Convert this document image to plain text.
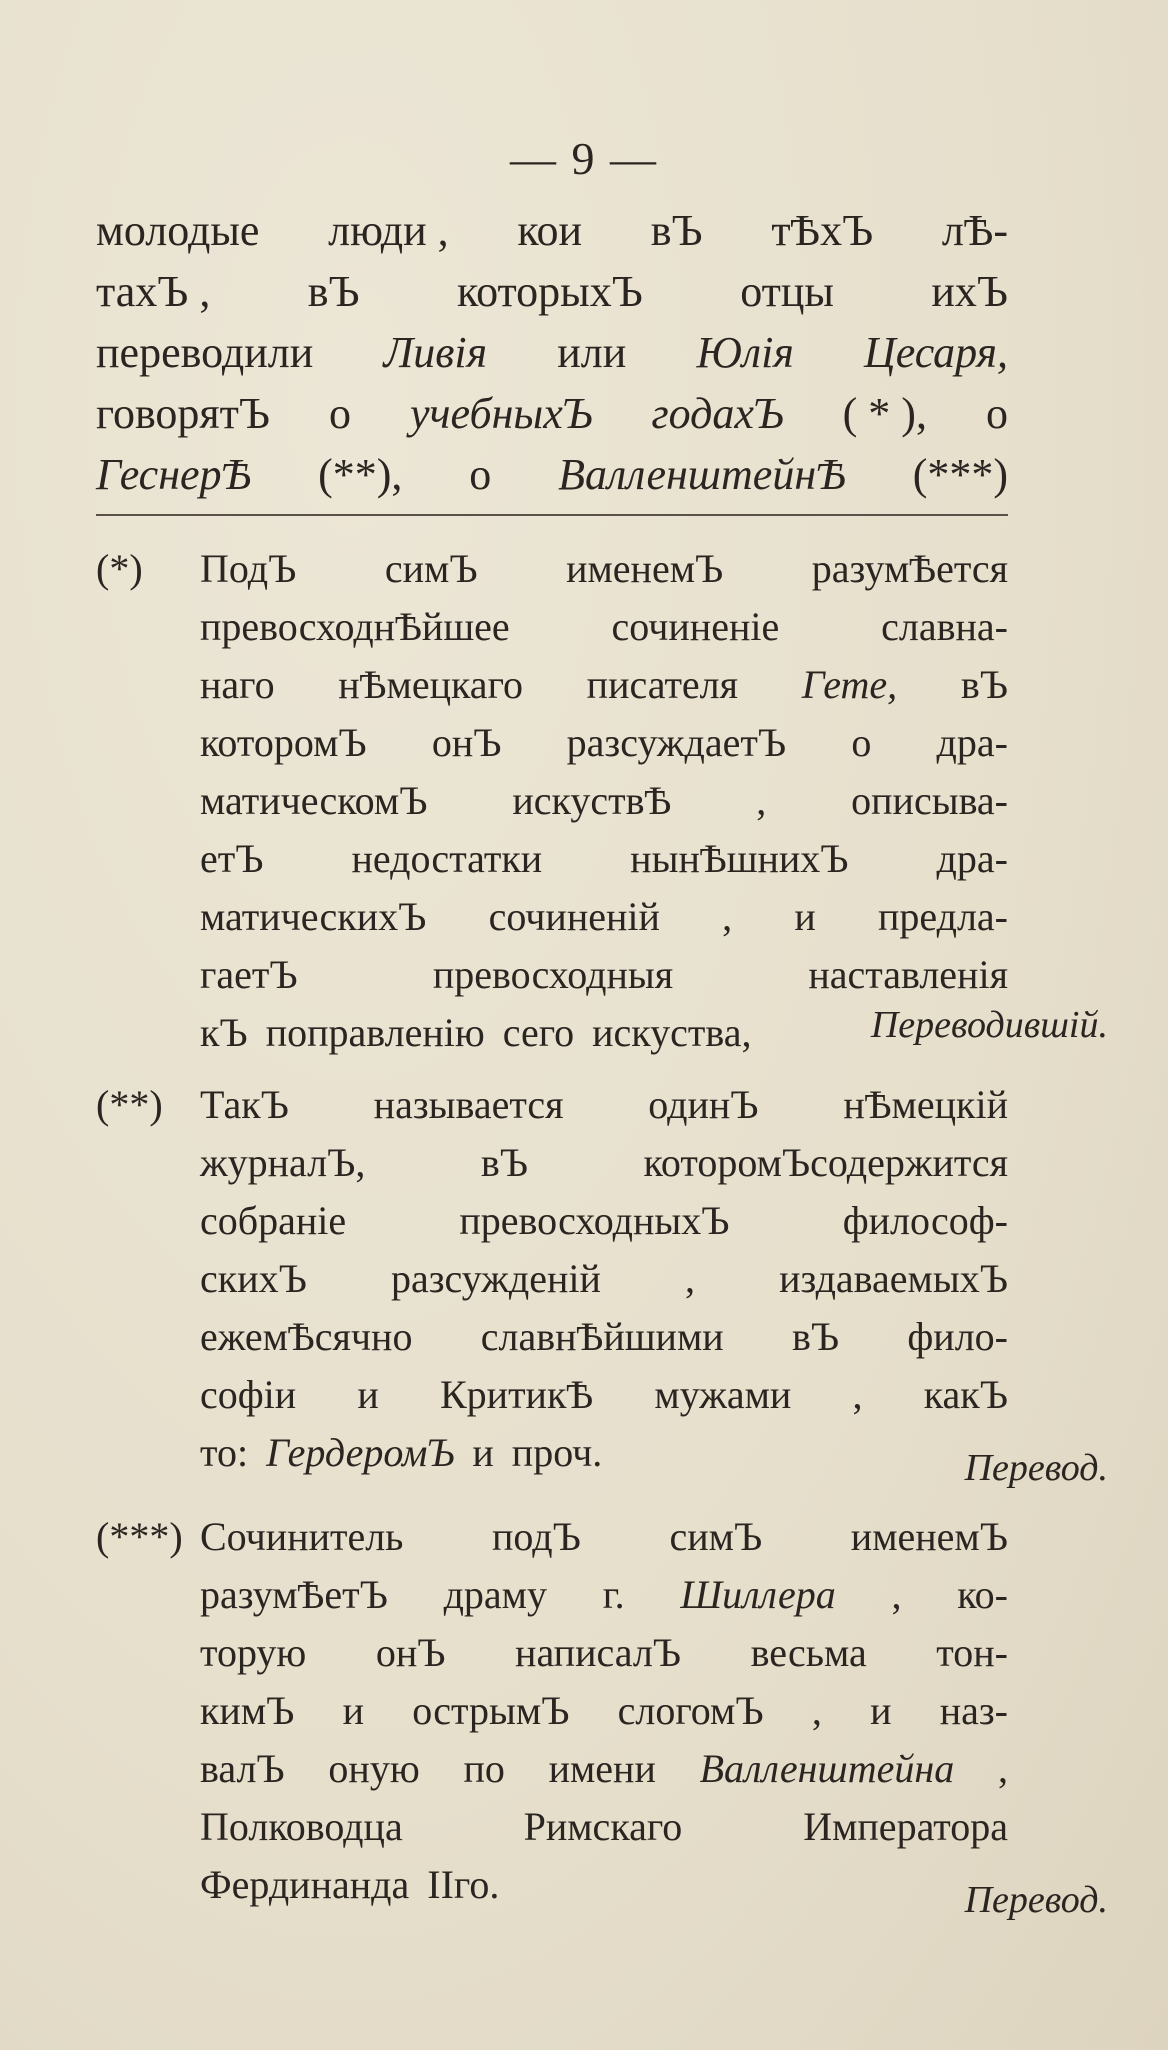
— 9 —
молодые люди , кои вЪ тѢхЪ лѢ-
тахЪ , вЪ которыхЪ отцы ихЪ
переводили Ливія или Юлія Цесаря,
говорятЪ о учебныхЪ годахЪ ( * ), о
ГеснерѢ (**), о ВалленштейнѢ (***)
(*) ПодЪ симЪ именемЪ разумѢется
превосходнѢйшее	сочиненіе	славна-
наго нѢмецкаго писателя Гете, вЪ
которомЪ онЪ разсуждаетЪ о дра-
матическомЪ искуствѢ , описыва-
етЪ недостатки нынѢшнихЪ дра-
матическихЪ сочиненій , и предла-
гаетЪ	превосходныя	наставленія
кЪ поправленію сего искуства,	Переводившій.
(**) ТакЪ называется одинЪ нѢмецкій
журналЪ,	вЪ	которомЪсодержится
собраніе	превосходныхЪ	философ-
скихЪ разсужденій , издаваемыхЪ
ежемѢсячно славнѢйшими вЪ фило-
софіи и КритикѢ мужами , какЪ
то: ГердеромЪ и проч.	Перевод.
(***) Сочинитель подЪ симЪ именемЪ
разумѢетЪ драму г. Шиллера , ко-
торую онЪ написалЪ весьма тон-
кимЪ и острымЪ слогомЪ , и наз-
валЪ оную по имени Валленштейна ,
Полководца	Римскаго	Императора
Фердинанда IIго.	Перевод.
